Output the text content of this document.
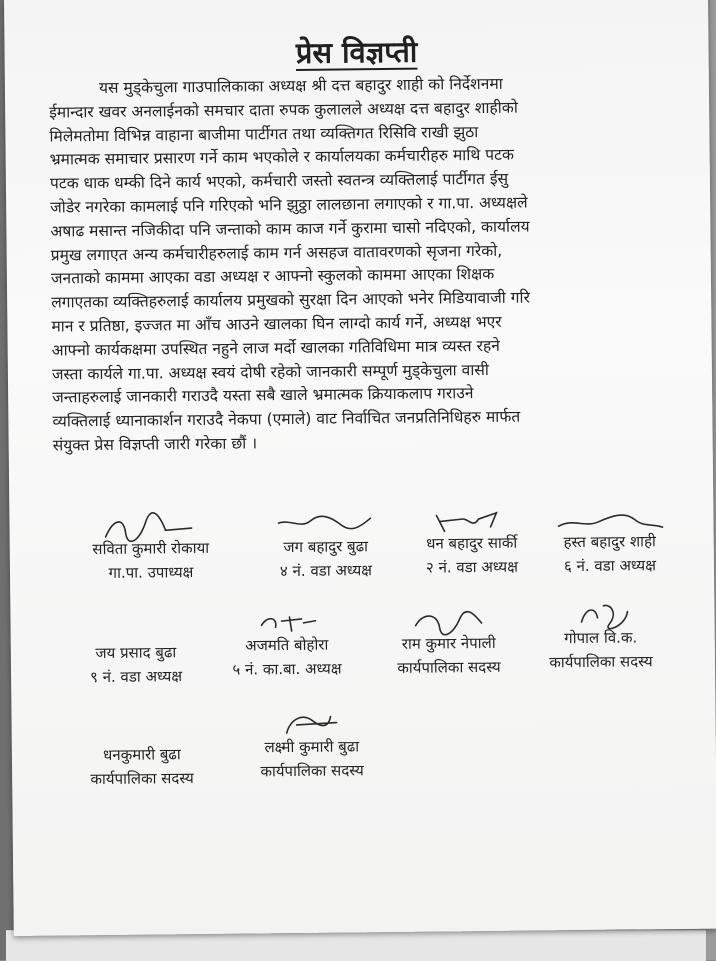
प्रेस विज्ञप्ती
यस मुड्केचुला गाउपालिकाका अध्यक्ष श्री दत्त बहादुर शाही को निर्देशनमा
ईमान्दार खवर अनलाईनको समचार दाता रुपक कुलालले अध्यक्ष दत्त बहादुर शाहीको
मिलेमतोमा विभिन्न वाहाना बाजीमा पार्टीगत तथा व्यक्तिगत रिसिवि राखी झुठा
भ्रमात्मक समाचार प्रसारण गर्ने काम भएकोले र कार्यालयका कर्मचारीहरु माथि पटक
पटक धाक धम्की दिने कार्य भएको, कर्मचारी जस्तो स्वतन्त्र व्यक्तिलाई पार्टीगत ईसु
जोडेर नगरेका कामलाई पनि गरिएको भनि झुठ्ठा लालछाना लगाएको र गा.पा. अध्यक्षले
अषाढ मसान्त नजिकीदा पनि जन्ताको काम काज गर्ने कुरामा चासो नदिएको, कार्यालय
प्रमुख लगाएत अन्य कर्मचारीहरुलाई काम गर्न असहज वातावरणको सृजना गरेको,
जनताको काममा आएका वडा अध्यक्ष र आफ्नो स्कुलको काममा आएका शिक्षक
लगाएतका व्यक्तिहरुलाई कार्यालय प्रमुखको सुरक्षा दिन आएको भनेर मिडियावाजी गरि
मान र प्रतिष्ठा, इज्जत मा आँच आउने खालका घिन लाग्दो कार्य गर्ने, अध्यक्ष भएर
आफ्नो कार्यकक्षमा उपस्थित नहुने लाज मर्दो खालका गतिविधिमा मात्र व्यस्त रहने
जस्ता कार्यले गा.पा. अध्यक्ष स्वयं दोषी रहेको जानकारी सम्पूर्ण मुड्केचुला वासी
जन्ताहरुलाई जानकारी गराउदै यस्ता सबै खाले भ्रमात्मक क्रियाकलाप गराउने
व्यक्तिलाई ध्यानाकार्शन गराउदै नेकपा (एमाले) वाट निर्वाचित जनप्रतिनिधिहरु मार्फत
संयुक्त प्रेस विज्ञप्ती जारी गरेका छौं ।
सविता कुमारी रोकाया
गा.पा. उपाध्यक्ष
जग बहादुर बुढा
४ नं. वडा अध्यक्ष
धन बहादुर सार्की
२ नं. वडा अध्यक्ष
हस्त बहादुर शाही
६ नं. वडा अध्यक्ष
जय प्रसाद बुढा
९ नं. वडा अध्यक्ष
अजमति बोहोरा
५ नं. का.बा. अध्यक्ष
राम कुमार नेपाली
कार्यपालिका सदस्य
गोपाल वि.क.
कार्यपालिका सदस्य
धनकुमारी बुढा
कार्यपालिका सदस्य
लक्ष्मी कुमारी बुढा
कार्यपालिका सदस्य
